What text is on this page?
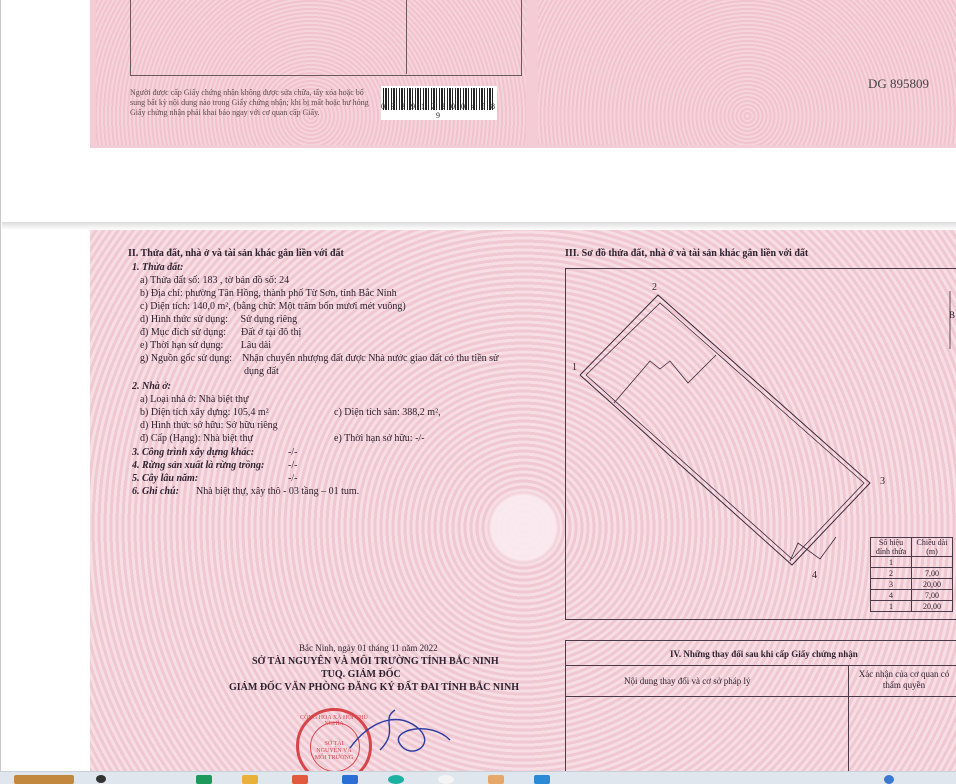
Người được cấp Giấy chứng nhận không được sửa chữa, tẩy xóa hoặc bổ sung bất kỳ nội dung nào trong Giấy chứng nhận; khi bị mất hoặc hư hỏng Giấy chứng nhận phải khai báo ngay với cơ quan cấp Giấy.
0 9 3 9 1 2 2 0 0 4 5 8 9
DG 895809
II. Thửa đất, nhà ở và tài sản khác gắn liền với đất
1. Thửa đất:
a) Thửa đất số: 183 , tờ bản đồ số: 24
b) Địa chỉ: phường Tân Hồng, thành phố Từ Sơn, tỉnh Bắc Ninh
c) Diện tích: 140,0 m², (bằng chữ: Một trăm bốn mươi mét vuông)
d) Hình thức sử dụng:     Sử dụng riêng
đ) Mục đích sử dụng:      Đất ở tại đô thị
e) Thời hạn sử dụng:       Lâu dài
g) Nguồn gốc sử dụng:    Nhận chuyển nhượng đất được Nhà nước giao đất có thu tiền sử
dụng đất
2. Nhà ở:
a) Loại nhà ở: Nhà biệt thự
b) Diện tích xây dựng: 105,4 m²	c) Diện tích sàn: 388,2 m²,
d) Hình thức sở hữu: Sở hữu riêng
đ) Cấp (Hạng): Nhà biệt thự	e) Thời hạn sở hữu: -/-
3. Công trình xây dựng khác:	-/-
4. Rừng sản xuất là rừng trồng: -/-
5. Cây lâu năm:	-/-
6. Ghi chú: Nhà biệt thự, xây thô - 03 tầng – 01 tum.
III. Sơ đồ thửa đất, nhà ở và tài sản khác gắn liền với đất
1
2
3
4
B
Số hiệu đỉnh thửa	Chiều dài (m)
1	
2	7,00
3	20,00
4	7,00
1	20,00
Bắc Ninh, ngày 01 tháng 11 năm 2022
SỞ TÀI NGUYÊN VÀ MÔI TRƯỜNG TỈNH BẮC NINH
TUQ. GIÁM ĐỐC
GIÁM ĐỐC VĂN PHÒNG ĐĂNG KÝ ĐẤT ĐAI TỈNH BẮC NINH
CỘNG HÒA XÃ HỘI CHỦ NGHĨA
SỞ TÀI NGUYÊN VÀ MÔI TRƯỜNG
IV. Những thay đổi sau khi cấp Giấy chứng nhận
Nội dung thay đổi và cơ sở pháp lý
Xác nhận của cơ quan có thẩm quyền
